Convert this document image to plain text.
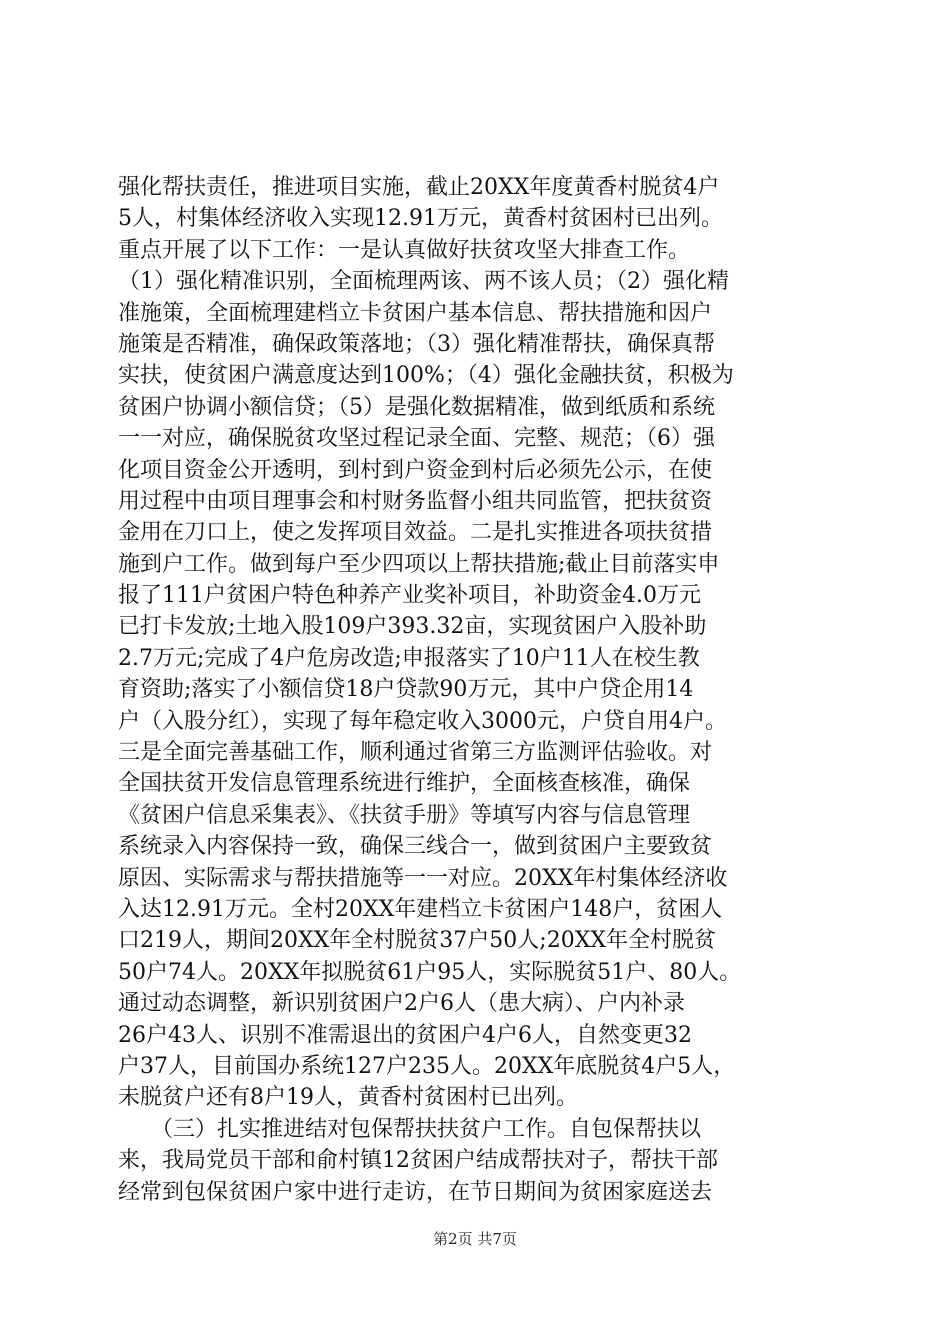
强化帮扶责任，推进项目实施，截止20XX年度黄香村脱贫4户
5人，村集体经济收入实现12.91万元，黄香村贫困村已出列。
重点开展了以下工作：一是认真做好扶贫攻坚大排查工作。
（1）强化精准识别，全面梳理两该、两不该人员；（2）强化精
准施策，全面梳理建档立卡贫困户基本信息、帮扶措施和因户
施策是否精准，确保政策落地；（3）强化精准帮扶，确保真帮
实扶，使贫困户满意度达到100%；（4）强化金融扶贫，积极为
贫困户协调小额信贷；（5）是强化数据精准，做到纸质和系统
一一对应，确保脱贫攻坚过程记录全面、完整、规范；（6）强
化项目资金公开透明，到村到户资金到村后必须先公示，在使
用过程中由项目理事会和村财务监督小组共同监管，把扶贫资
金用在刀口上，使之发挥项目效益。二是扎实推进各项扶贫措
施到户工作。做到每户至少四项以上帮扶措施;截止目前落实申
报了111户贫困户特色种养产业奖补项目，补助资金4.0万元
已打卡发放;土地入股109户393.32亩，实现贫困户入股补助
2.7万元;完成了4户危房改造;申报落实了10户11人在校生教
育资助;落实了小额信贷18户贷款90万元，其中户贷企用14
户（入股分红），实现了每年稳定收入3000元，户贷自用4户。
三是全面完善基础工作，顺利通过省第三方监测评估验收。对
全国扶贫开发信息管理系统进行维护，全面核查核准，确保
《贫困户信息采集表》、《扶贫手册》等填写内容与信息管理
系统录入内容保持一致，确保三线合一，做到贫困户主要致贫
原因、实际需求与帮扶措施等一一对应。20XX年村集体经济收
入达12.91万元。全村20XX年建档立卡贫困户148户，贫困人
口219人，期间20XX年全村脱贫37户50人;20XX年全村脱贫
50户74人。20XX年拟脱贫61户95人，实际脱贫51户、80人。
通过动态调整，新识别贫困户2户6人（患大病）、户内补录
26户43人、识别不准需退出的贫困户4户6人，自然变更32
户37人，目前国办系统127户235人。20XX年底脱贫4户5人，
未脱贫户还有8户19人，黄香村贫困村已出列。
　　（三）扎实推进结对包保帮扶扶贫户工作。自包保帮扶以
来，我局党员干部和俞村镇12贫困户结成帮扶对子，帮扶干部
经常到包保贫困户家中进行走访，在节日期间为贫困家庭送去
第2页 共7页
